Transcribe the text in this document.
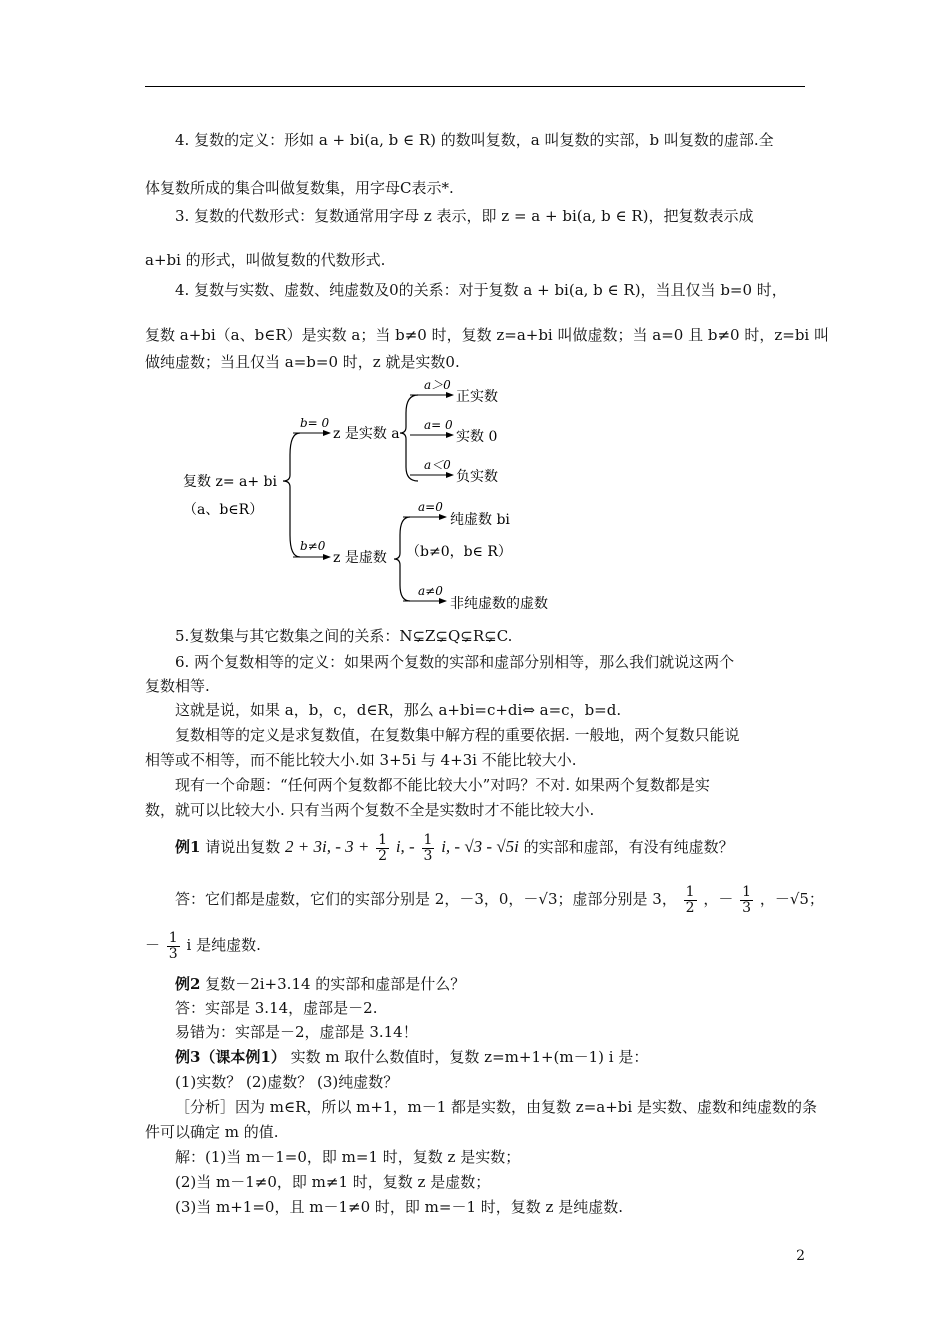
4. 复数的定义：形如 a + bi(a, b ∈ R) 的数叫复数，a 叫复数的实部，b 叫复数的虚部.全
体复数所成的集合叫做复数集，用字母C表示*.
3. 复数的代数形式：复数通常用字母 z 表示，即 z = a + bi(a, b ∈ R)，把复数表示成
a+bi 的形式，叫做复数的代数形式.
4. 复数与实数、虚数、纯虚数及0的关系：对于复数 a + bi(a, b ∈ R)，当且仅当 b=0 时，
复数 a+bi（a、b∈R）是实数 a；当 b≠0 时，复数 z=a+bi 叫做虚数；当 a=0 且 b≠0 时，z=bi 叫
做纯虚数；当且仅当 a=b=0 时，z 就是实数0.
复数 z= a+ bi
（a、b∈R）
b= 0
z 是实数 a
a＞0
正实数
a= 0
实数 0
a＜0
负实数
b≠0
z 是虚数
a=0
纯虚数 bi
（b≠0，b∈ R）
a≠0
非纯虚数的虚数
5.复数集与其它数集之间的关系：N⊊Z⊊Q⊊R⊊C.
6. 两个复数相等的定义：如果两个复数的实部和虚部分别相等，那么我们就说这两个
复数相等.
这就是说，如果 a，b，c，d∈R，那么 a+bi=c+di⇔ a=c，b=d.
复数相等的定义是求复数值，在复数集中解方程的重要依据. 一般地，两个复数只能说
相等或不相等，而不能比较大小.如 3+5i 与 4+3i 不能比较大小.
现有一个命题：“任何两个复数都不能比较大小”对吗？不对. 如果两个复数都是实
数，就可以比较大小. 只有当两个复数不全是实数时才不能比较大小.
例1 请说出复数 2 + 3i, - $3 + \frac{1}{2} i$, - $\frac{1}{3} i$, - √3 - √5i 的实部和虚部，有没有纯虚数？
答：它们都是虚数，它们的实部分别是 2，－3，0，－√3；虚部分别是 3， $\frac{1}{2}$ ，－ $\frac{1}{3}$ ，－√5；
－ $\frac{1}{3}$ i 是纯虚数.
例2 复数－2i+3.14 的实部和虚部是什么？
答：实部是 3.14，虚部是－2.
易错为：实部是－2，虚部是 3.14！
例3（课本例1） 实数 m 取什么数值时，复数 z=m+1+(m－1) i 是：
(1)实数？ (2)虚数？ (3)纯虚数？
［分析］因为 m∈R，所以 m+1，m－1 都是实数，由复数 z=a+bi 是实数、虚数和纯虚数的条
件可以确定 m 的值.
解：(1)当 m－1=0，即 m=1 时，复数 z 是实数；
(2)当 m－1≠0，即 m≠1 时，复数 z 是虚数；
(3)当 m+1=0，且 m－1≠0 时，即 m=－1 时，复数 z 是纯虚数.
2
